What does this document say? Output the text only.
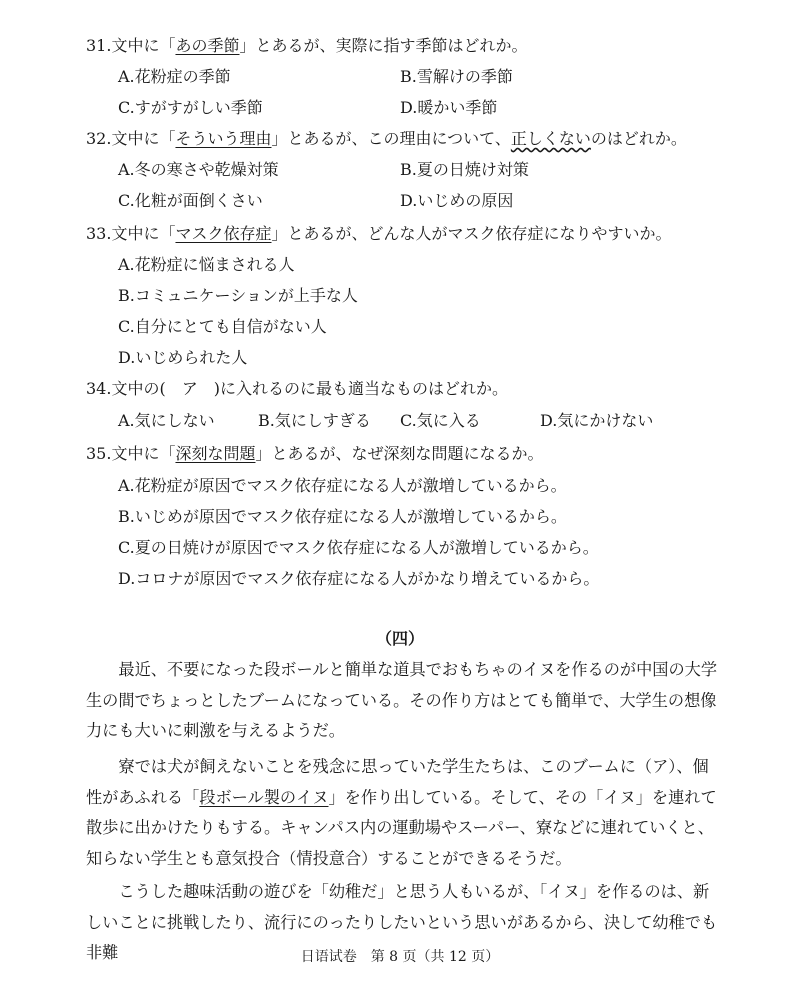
31.文中に「あの季節」とあるが、実際に指す季節はどれか。
A.花粉症の季節	B.雪解けの季節
C.すがすがしい季節	D.暖かい季節
32.文中に「そういう理由」とあるが、この理由について、正しくないのはどれか。
A.冬の寒さや乾燥対策	B.夏の日焼け対策
C.化粧が面倒くさい	D.いじめの原因
33.文中に「マスク依存症」とあるが、どんな人がマスク依存症になりやすいか。
A.花粉症に悩まされる人
B.コミュニケーションが上手な人
C.自分にとても自信がない人
D.いじめられた人
34.文中の(　ア　)に入れるのに最も適当なものはどれか。
A.気にしない	B.気にしすぎる C.気に入る	D.気にかけない
35.文中に「深刻な問題」とあるが、なぜ深刻な問題になるか。
A.花粉症が原因でマスク依存症になる人が激増しているから。
B.いじめが原因でマスク依存症になる人が激増しているから。
C.夏の日焼けが原因でマスク依存症になる人が激増しているから。
D.コロナが原因でマスク依存症になる人がかなり増えているから。
（四）
最近、不要になった段ボールと簡単な道具でおもちゃのイヌを作るのが中国の大学生の間でちょっとしたブームになっている。その作り方はとても簡単で、大学生の想像力にも大いに刺激を与えるようだ。
寮では犬が飼えないことを残念に思っていた学生たちは、このブームに（ア）、個性があふれる「段ボール製のイヌ」を作り出している。そして、その「イヌ」を連れて散歩に出かけたりもする。キャンパス内の運動場やスーパー、寮などに連れていくと、知らない学生とも意気投合（情投意合）することができるそうだ。
こうした趣味活動の遊びを「幼稚だ」と思う人もいるが、「イヌ」を作るのは、新しいことに挑戦したり、流行にのったりしたいという思いがあるから、決して幼稚でも非難	日语试卷　第 8 页（共 12 页）
